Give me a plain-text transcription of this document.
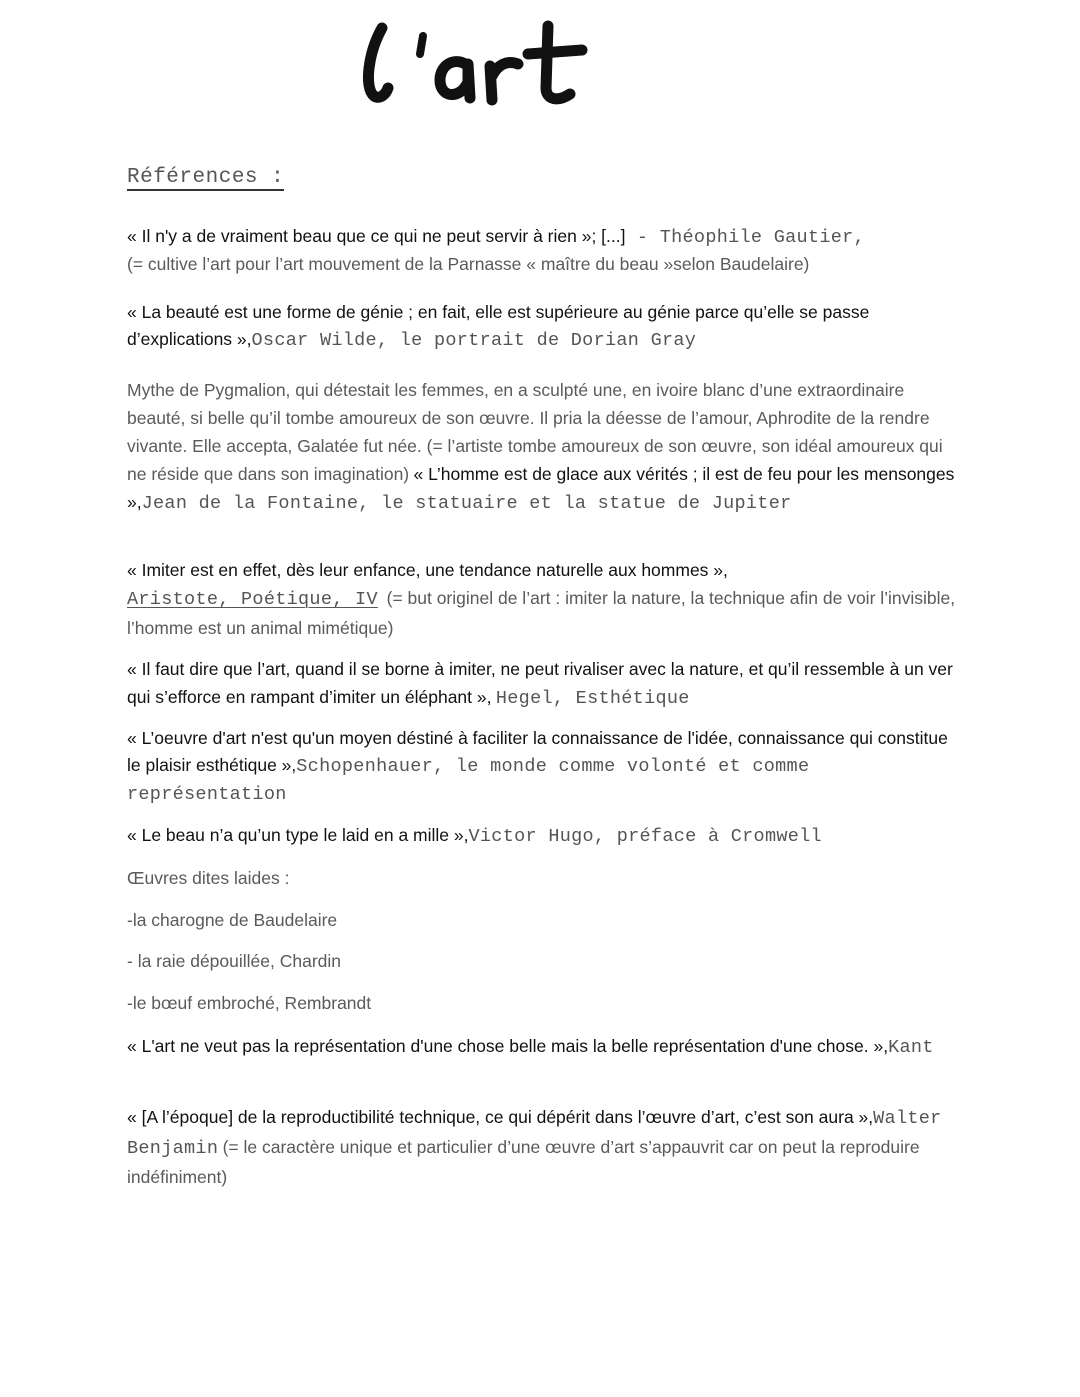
Références :
« Il n'y a de vraiment beau que ce qui ne peut servir à rien »; [...] - Théophile Gautier,
(= cultive l’art pour l’art mouvement de la Parnasse « maître du beau »selon Baudelaire)
« La beauté est une forme de génie ; en fait, elle est supérieure au génie parce qu’elle se passe d’explications »,Oscar Wilde, le portrait de Dorian Gray
Mythe de Pygmalion, qui détestait les femmes, en a sculpté une, en ivoire blanc d’une extraordinaire beauté, si belle qu’il tombe amoureux de son œuvre. Il pria la déesse de l’amour, Aphrodite de la rendre vivante. Elle accepta, Galatée fut née. (= l’artiste tombe amoureux de son œuvre, son idéal amoureux qui ne réside que dans son imagination) « L’homme est de glace aux vérités ; il est de feu pour les mensonges »,Jean de la Fontaine, le statuaire et la statue de Jupiter
« Imiter est en effet, dès leur enfance, une tendance naturelle aux hommes »,
Aristote, Poétique, IV (= but originel de l’art : imiter la nature, la technique afin de voir l’invisible, l’homme est un animal mimétique)
« Il faut dire que l’art, quand il se borne à imiter, ne peut rivaliser avec la nature, et qu’il ressemble à un ver qui s’efforce en rampant d’imiter un éléphant », Hegel, Esthétique
« L’oeuvre d'art n'est qu'un moyen déstiné à faciliter la connaissance de l'idée, connaissance qui constitue le plaisir esthétique »,Schopenhauer, le monde comme volonté et comme représentation
« Le beau n’a qu’un type le laid en a mille »,Victor Hugo, préface à Cromwell
Œuvres dites laides :
-la charogne de Baudelaire
- la raie dépouillée, Chardin
-le bœuf embroché, Rembrandt
« L'art ne veut pas la représentation d'une chose belle mais la belle représentation d'une chose. »,Kant
« [A l’époque] de la reproductibilité technique, ce qui dépérit dans l’œuvre d’art, c’est son aura »,Walter Benjamin (= le caractère unique et particulier d’une œuvre d’art s’appauvrit car on peut la reproduire indéfiniment)
